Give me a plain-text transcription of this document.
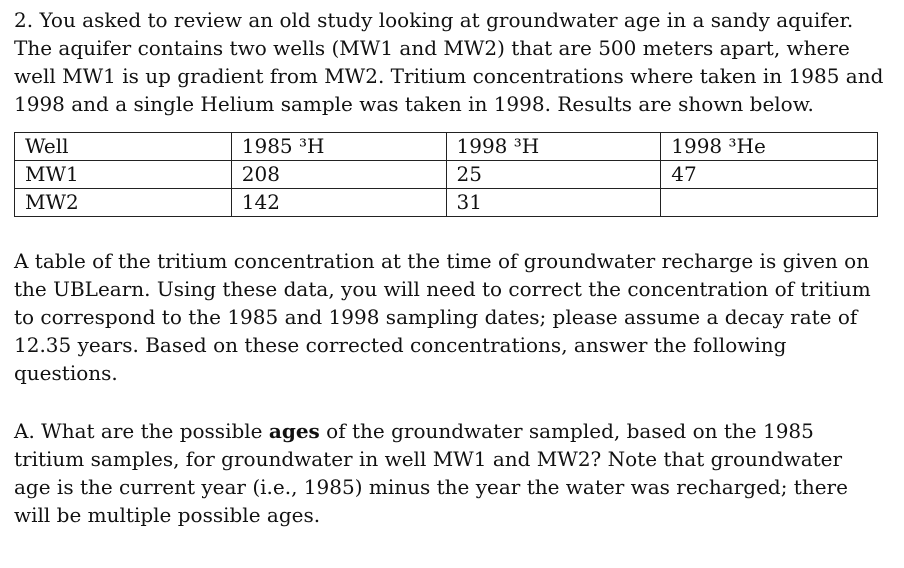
2. You asked to review an old study looking at groundwater age in a sandy aquifer. The aquifer contains two wells (MW1 and MW2) that are 500 meters apart, where well MW1 is up gradient from MW2. Tritium concentrations where taken in 1985 and 1998 and a single Helium sample was taken in 1998. Results are shown below.

Well	1985 ³H	1998 ³H	1998 ³He
MW1	208	25	47
MW2	142	31	

A table of the tritium concentration at the time of groundwater recharge is given on the UBLearn. Using these data, you will need to correct the concentration of tritium to correspond to the 1985 and 1998 sampling dates; please assume a decay rate of 12.35 years. Based on these corrected concentrations, answer the following questions.

A. What are the possible ages of the groundwater sampled, based on the 1985 tritium samples, for groundwater in well MW1 and MW2? Note that groundwater age is the current year (i.e., 1985) minus the year the water was recharged; there will be multiple possible ages.
